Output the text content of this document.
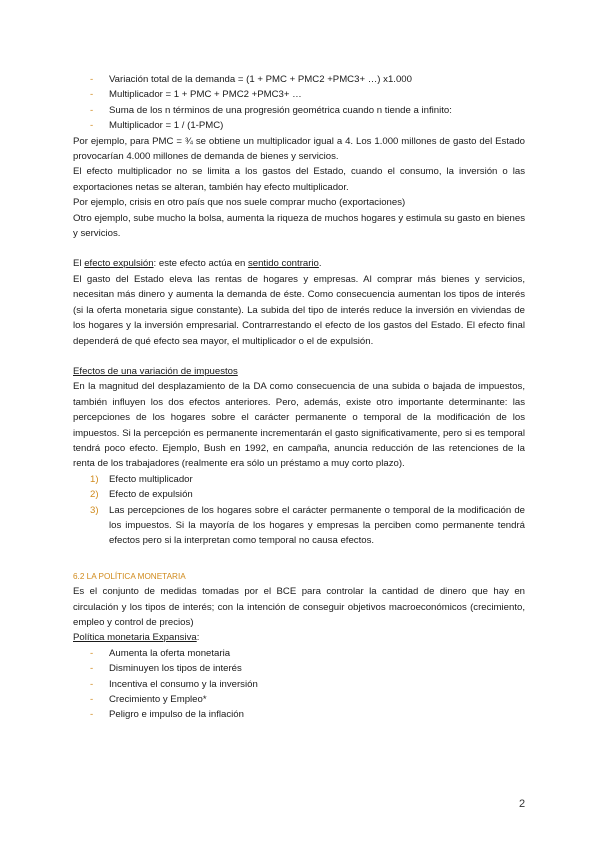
- Variación total de la demanda = (1 + PMC + PMC2 +PMC3+ …) x1.000
- Multiplicador = 1 + PMC + PMC2 +PMC3+ …
- Suma de los n términos de una progresión geométrica cuando n tiende a infinito:
- Multiplicador = 1 / (1-PMC)

Por ejemplo, para PMC = ¾ se obtiene un multiplicador igual a 4. Los 1.000 millones de gasto del Estado provocarían 4.000 millones de demanda de bienes y servicios.

El efecto multiplicador no se limita a los gastos del Estado, cuando el consumo, la inversión o las exportaciones netas se alteran, también hay efecto multiplicador.

Por ejemplo, crisis en otro país que nos suele comprar mucho (exportaciones)

Otro ejemplo, sube mucho la bolsa, aumenta la riqueza de muchos hogares y estimula su gasto en bienes y servicios.

El efecto expulsión: este efecto actúa en sentido contrario.

El gasto del Estado eleva las rentas de hogares y empresas. Al comprar más bienes y servicios, necesitan más dinero y aumenta la demanda de éste. Como consecuencia aumentan los tipos de interés (si la oferta monetaria sigue constante). La subida del tipo de interés reduce la inversión en viviendas de los hogares y la inversión empresarial. Contrarrestando el efecto de los gastos del Estado. El efecto final dependerá de qué efecto sea mayor, el multiplicador o el de expulsión.

Efectos de una variación de impuestos

En la magnitud del desplazamiento de la DA como consecuencia de una subida o bajada de impuestos, también influyen los dos efectos anteriores. Pero, además, existe otro importante determinante: las percepciones de los hogares sobre el carácter permanente o temporal de la modificación de los impuestos. Si la percepción es permanente incrementarán el gasto significativamente, pero si es temporal tendrá poco efecto. Ejemplo, Bush en 1992, en campaña, anuncia reducción de las retenciones de la renta de los trabajadores (realmente era sólo un préstamo a muy corto plazo).

1) Efecto multiplicador
2) Efecto de expulsión
3) Las percepciones de los hogares sobre el carácter permanente o temporal de la modificación de los impuestos. Si la mayoría de los hogares y empresas la perciben como permanente tendrá efectos pero si la interpretan como temporal no causa efectos.

6.2 LA POLÍTICA MONETARIA

Es el conjunto de medidas tomadas por el BCE para controlar la cantidad de dinero que hay en circulación y los tipos de interés; con la intención de conseguir objetivos macroeconómicos (crecimiento, empleo y control de precios)

Política monetaria Expansiva:

- Aumenta la oferta monetaria
- Disminuyen los tipos de interés
- Incentiva el consumo y la inversión
- Crecimiento y Empleo*
- Peligro e impulso de la inflación
2
